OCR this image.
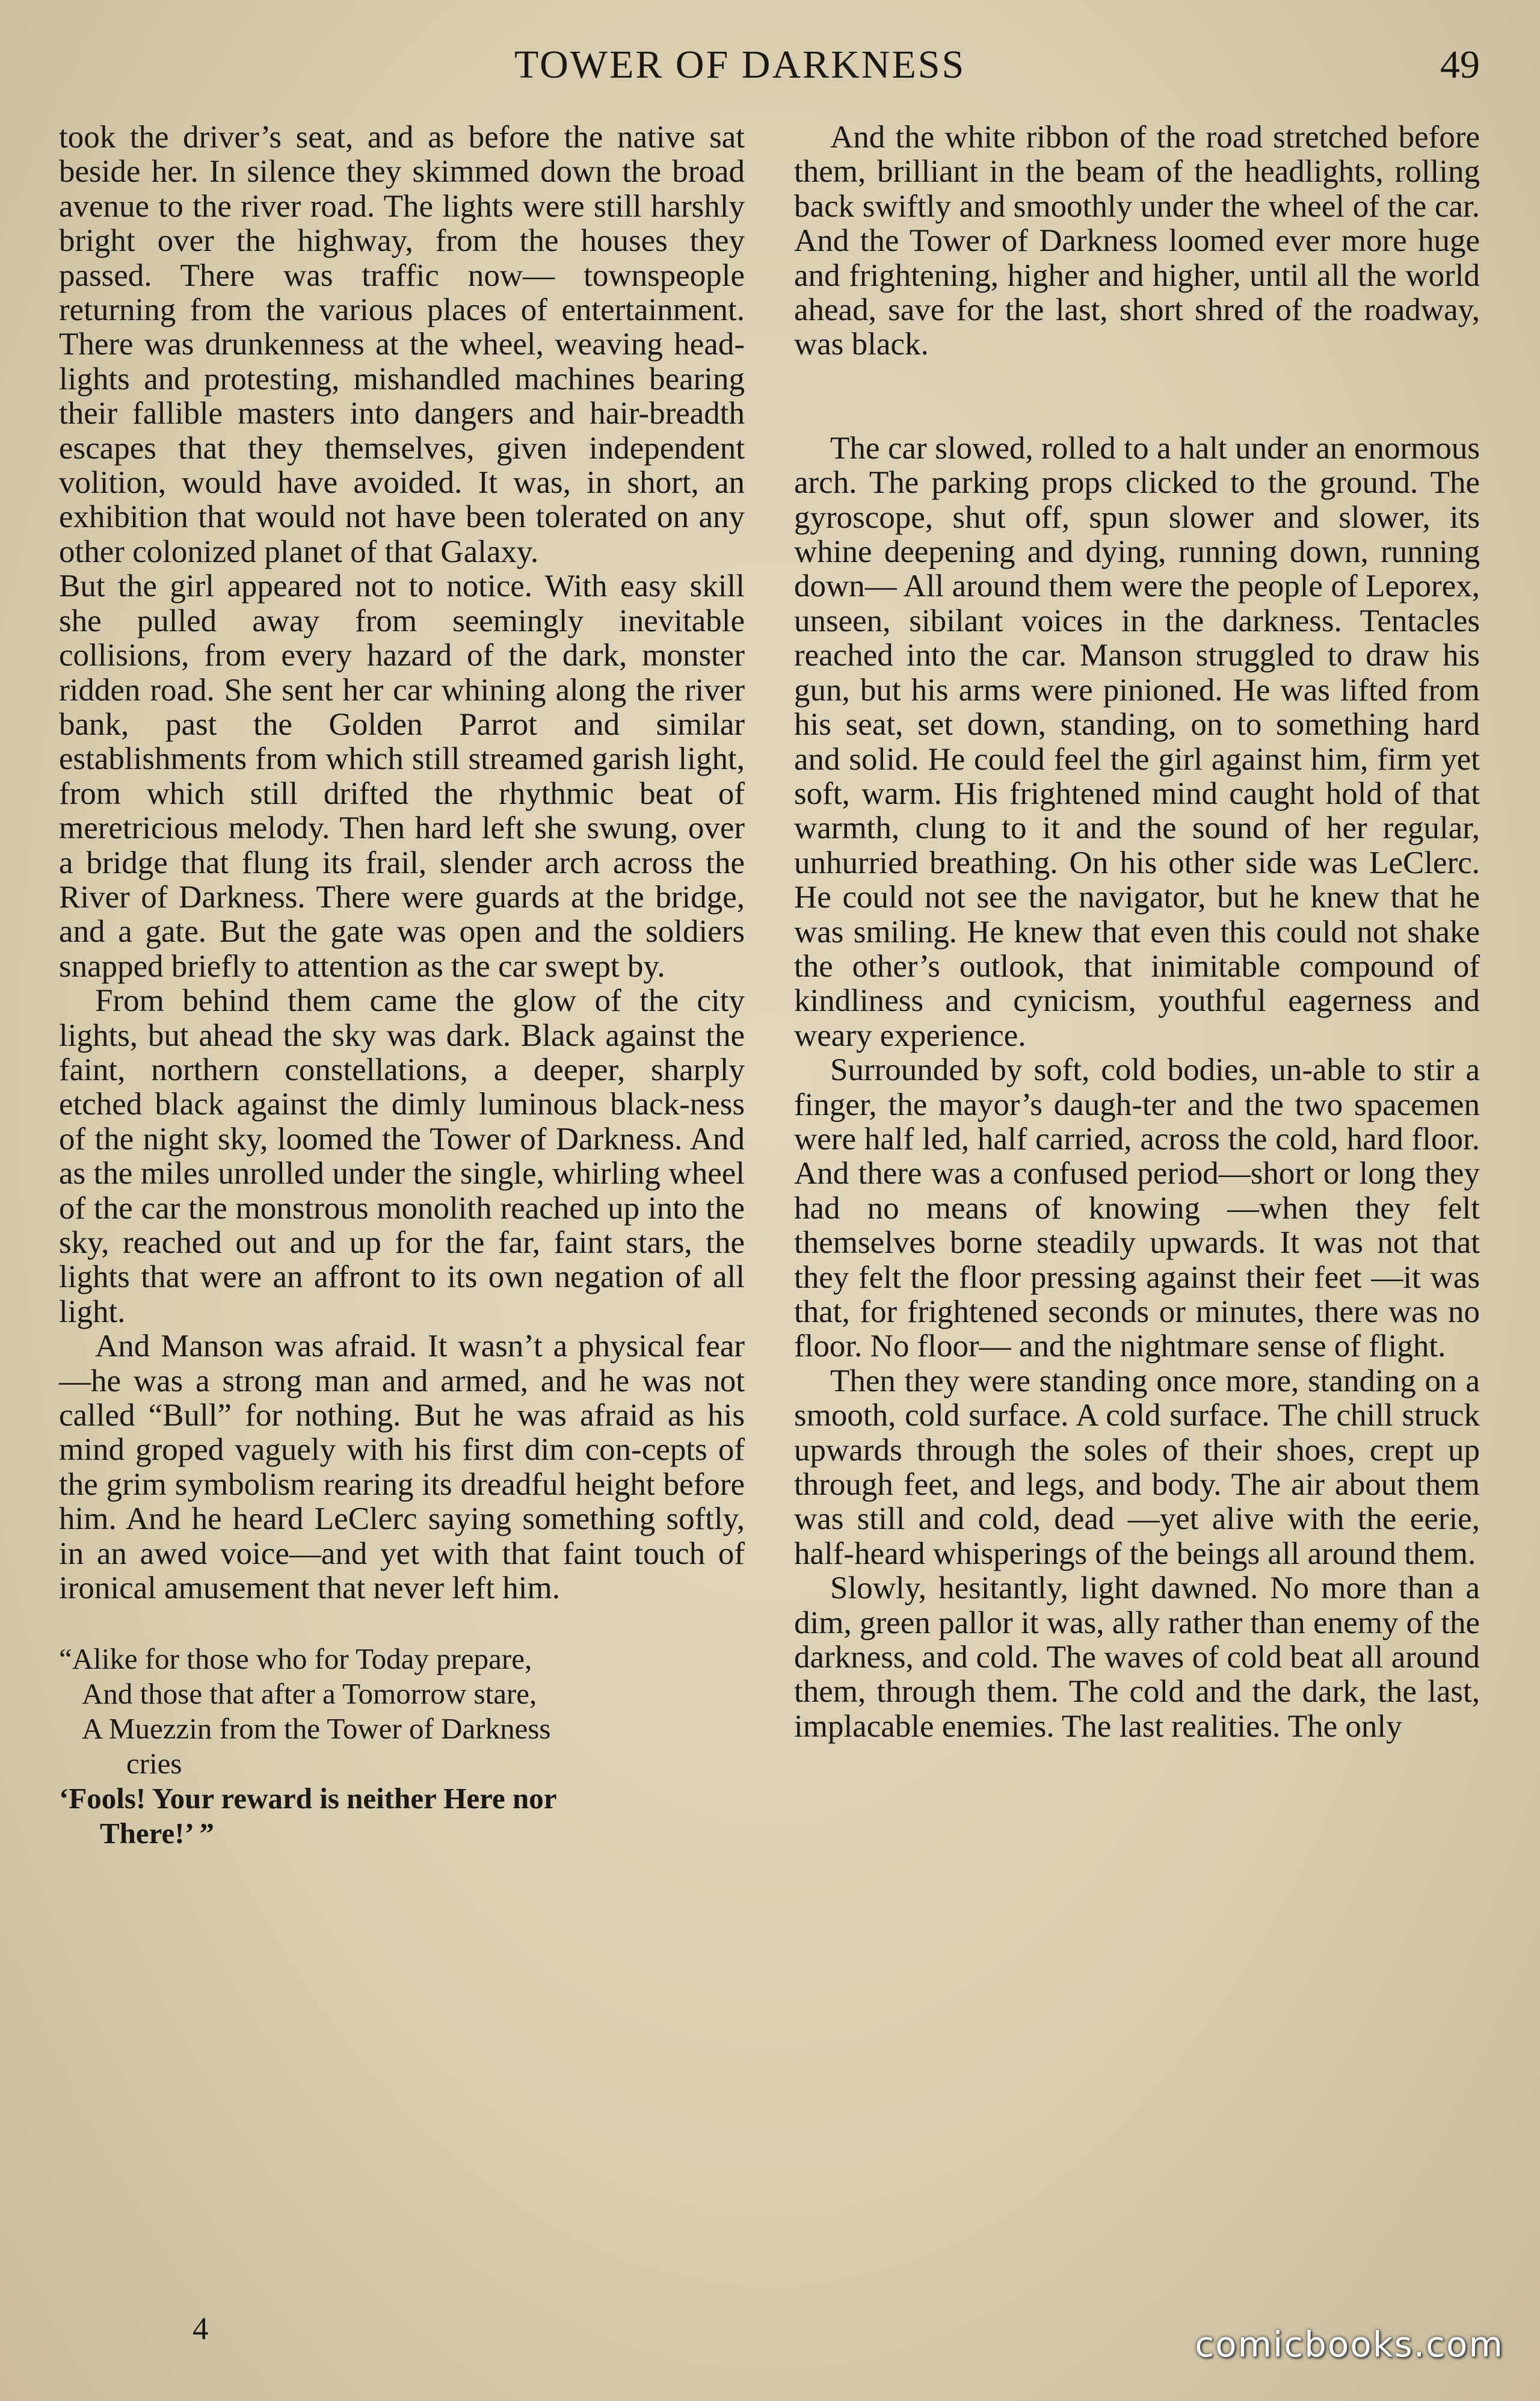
TOWER OF DARKNESS	49

took the driver’s seat, and as before the native sat beside her. In silence they skimmed down the broad avenue to the river road. The lights were still harshly bright over the highway, from the houses they passed. There was traffic now— townspeople returning from the various places of entertainment. There was drunkenness at the wheel, weaving head-lights and protesting, mishandled machines bearing their fallible masters into dangers and hair-breadth escapes that they themselves, given independent volition, would have avoided. It was, in short, an exhibition that would not have been tolerated on any other colonized planet of that Galaxy.

But the girl appeared not to notice. With easy skill she pulled away from seemingly inevitable collisions, from every hazard of the dark, monster ridden road. She sent her car whining along the river bank, past the Golden Parrot and similar establishments from which still streamed garish light, from which still drifted the rhythmic beat of meretricious melody. Then hard left she swung, over a bridge that flung its frail, slender arch across the River of Darkness. There were guards at the bridge, and a gate. But the gate was open and the soldiers snapped briefly to attention as the car swept by.

From behind them came the glow of the city lights, but ahead the sky was dark. Black against the faint, northern constellations, a deeper, sharply etched black against the dimly luminous black-ness of the night sky, loomed the Tower of Darkness. And as the miles unrolled under the single, whirling wheel of the car the monstrous monolith reached up into the sky, reached out and up for the far, faint stars, the lights that were an affront to its own negation of all light.

And Manson was afraid. It wasn’t a physical fear—he was a strong man and armed, and he was not called “Bull” for nothing. But he was afraid as his mind groped vaguely with his first dim con-cepts of the grim symbolism rearing its dreadful height before him. And he heard LeClerc saying something softly, in an awed voice—and yet with that faint touch of ironical amusement that never left him.

“Alike for those who for Today prepare,
And those that after a Tomorrow stare,
A Muezzin from the Tower of Darkness
cries
‘Fools! Your reward is neither Here nor
There!’ ”
4

And the white ribbon of the road stretched before them, brilliant in the beam of the headlights, rolling back swiftly and smoothly under the wheel of the car. And the Tower of Darkness loomed ever more huge and frightening, higher and higher, until all the world ahead, save for the last, short shred of the roadway, was black.

The car slowed, rolled to a halt under an enormous arch. The parking props clicked to the ground. The gyroscope, shut off, spun slower and slower, its whine deepening and dying, running down, running down— All around them were the people of Leporex, unseen, sibilant voices in the darkness. Tentacles reached into the car. Manson struggled to draw his gun, but his arms were pinioned. He was lifted from his seat, set down, standing, on to something hard and solid. He could feel the girl against him, firm yet soft, warm. His frightened mind caught hold of that warmth, clung to it and the sound of her regular, unhurried breathing. On his other side was LeClerc. He could not see the navigator, but he knew that he was smiling. He knew that even this could not shake the other’s outlook, that inimitable compound of kindliness and cynicism, youthful eagerness and weary experience.

Surrounded by soft, cold bodies, un-able to stir a finger, the mayor’s daugh-ter and the two spacemen were half led, half carried, across the cold, hard floor. And there was a confused period—short or long they had no means of knowing —when they felt themselves borne steadily upwards. It was not that they felt the floor pressing against their feet —it was that, for frightened seconds or minutes, there was no floor. No floor— and the nightmare sense of flight.

Then they were standing once more, standing on a smooth, cold surface. A cold surface. The chill struck upwards through the soles of their shoes, crept up through feet, and legs, and body. The air about them was still and cold, dead —yet alive with the eerie, half-heard whisperings of the beings all around them.

Slowly, hesitantly, light dawned. No more than a dim, green pallor it was, ally rather than enemy of the darkness, and cold. The waves of cold beat all around them, through them. The cold and the dark, the last, implacable enemies. The last realities. The only

comicbooks.com
